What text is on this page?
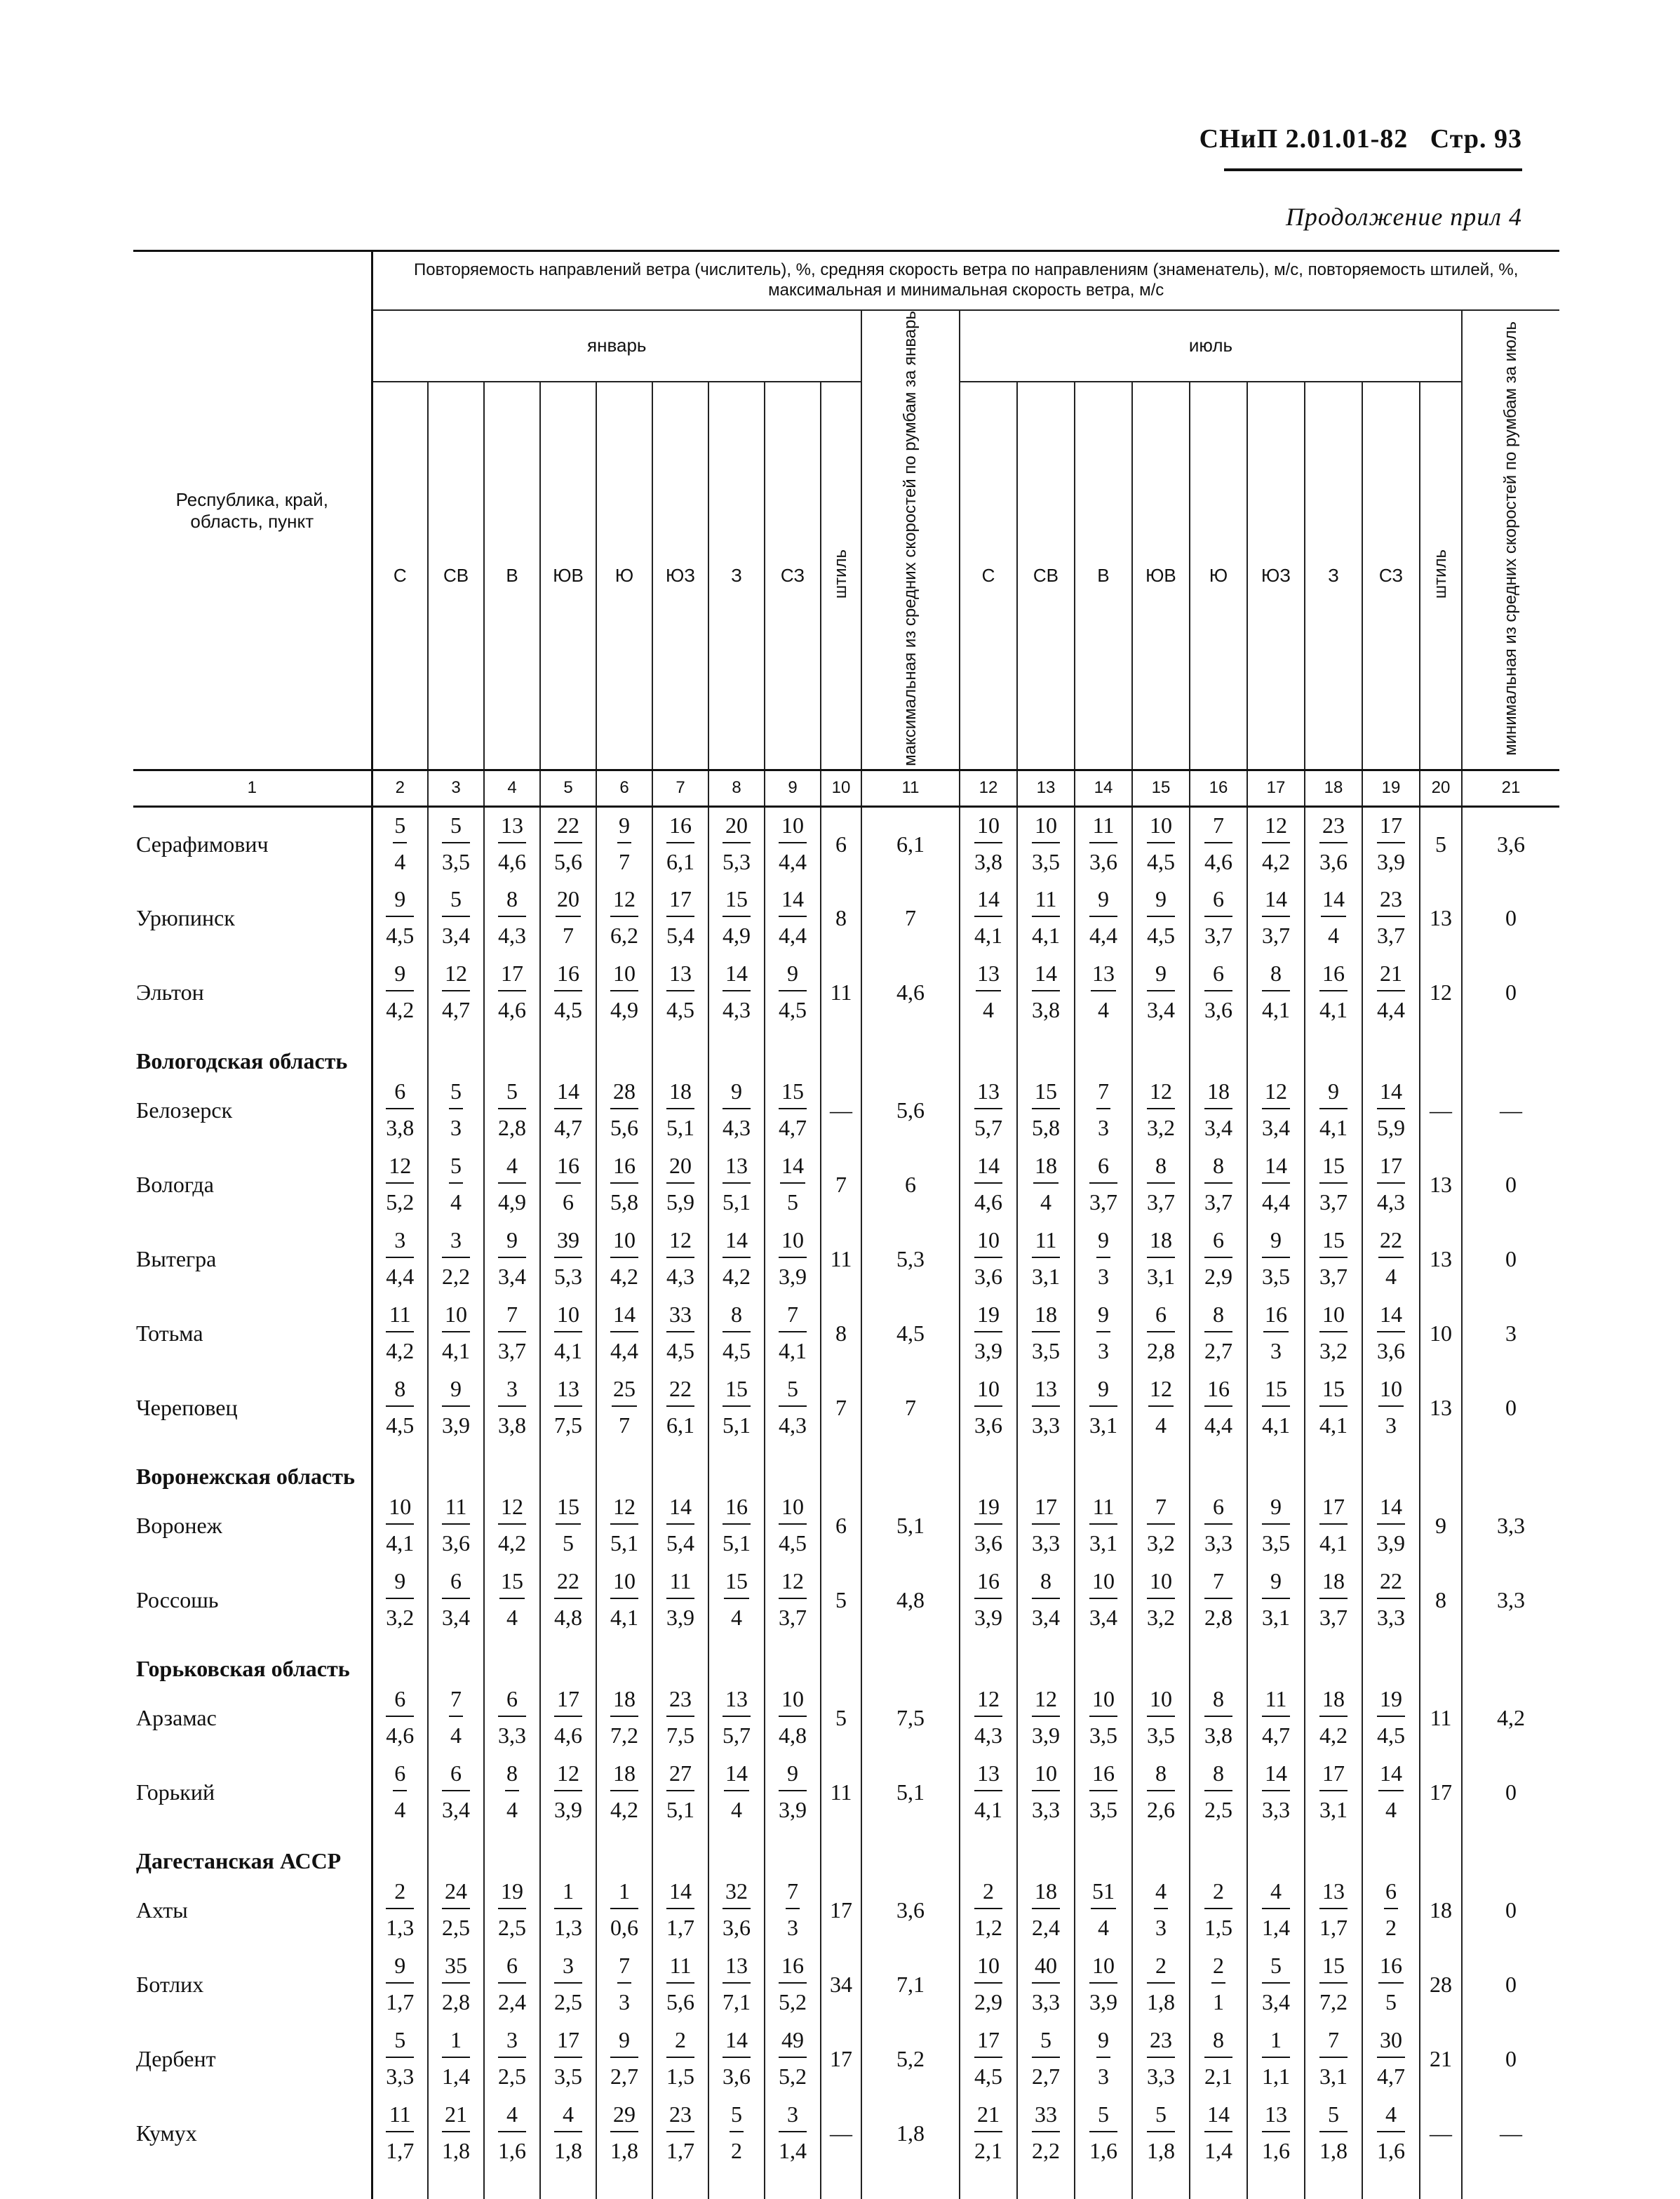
СНиП 2.01.01-82 Стр. 93
Продолжение прил 4
Республика, край, область, пункт	Повторяемость направлений ветра (числитель), %, средняя скорость ветра по направлениям (знаменатель), м/с, повторяемость штилей, %, максимальная и минимальная скорость ветра, м/с																			
	январь									максимальная из средних скоростей по румбам за январь	июль									минимальная из средних скоростей по румбам за июль
	С	СВ	В	ЮВ	Ю	ЮЗ	З	СЗ	штиль		С	СВ	В	ЮВ	Ю	ЮЗ	З	СЗ	штиль	
1	2	3	4	5	6	7	8	9	10	11	12	13	14	15	16	17	18	19	20	21
Серафимович	$\frac{5}{4}$	$\frac{5}{3,5}$	$\frac{13}{4,6}$	$\frac{22}{5,6}$	$\frac{9}{7}$	$\frac{16}{6,1}$	$\frac{20}{5,3}$	$\frac{10}{4,4}$	6	6,1	$\frac{10}{3,8}$	$\frac{10}{3,5}$	$\frac{11}{3,6}$	$\frac{10}{4,5}$	$\frac{7}{4,6}$	$\frac{12}{4,2}$	$\frac{23}{3,6}$	$\frac{17}{3,9}$	5	3,6
Урюпинск	$\frac{9}{4,5}$	$\frac{5}{3,4}$	$\frac{8}{4,3}$	$\frac{20}{7}$	$\frac{12}{6,2}$	$\frac{17}{5,4}$	$\frac{15}{4,9}$	$\frac{14}{4,4}$	8	7	$\frac{14}{4,1}$	$\frac{11}{4,1}$	$\frac{9}{4,4}$	$\frac{9}{4,5}$	$\frac{6}{3,7}$	$\frac{14}{3,7}$	$\frac{14}{4}$	$\frac{23}{3,7}$	13	0
Эльтон	$\frac{9}{4,2}$	$\frac{12}{4,7}$	$\frac{17}{4,6}$	$\frac{16}{4,5}$	$\frac{10}{4,9}$	$\frac{13}{4,5}$	$\frac{14}{4,3}$	$\frac{9}{4,5}$	11	4,6	$\frac{13}{4}$	$\frac{14}{3,8}$	$\frac{13}{4}$	$\frac{9}{3,4}$	$\frac{6}{3,6}$	$\frac{8}{4,1}$	$\frac{16}{4,1}$	$\frac{21}{4,4}$	12	0
Вологодская область																				
Белозерск	$\frac{6}{3,8}$	$\frac{5}{3}$	$\frac{5}{2,8}$	$\frac{14}{4,7}$	$\frac{28}{5,6}$	$\frac{18}{5,1}$	$\frac{9}{4,3}$	$\frac{15}{4,7}$	—	5,6	$\frac{13}{5,7}$	$\frac{15}{5,8}$	$\frac{7}{3}$	$\frac{12}{3,2}$	$\frac{18}{3,4}$	$\frac{12}{3,4}$	$\frac{9}{4,1}$	$\frac{14}{5,9}$	—	—
Вологда	$\frac{12}{5,2}$	$\frac{5}{4}$	$\frac{4}{4,9}$	$\frac{16}{6}$	$\frac{16}{5,8}$	$\frac{20}{5,9}$	$\frac{13}{5,1}$	$\frac{14}{5}$	7	6	$\frac{14}{4,6}$	$\frac{18}{4}$	$\frac{6}{3,7}$	$\frac{8}{3,7}$	$\frac{8}{3,7}$	$\frac{14}{4,4}$	$\frac{15}{3,7}$	$\frac{17}{4,3}$	13	0
Вытегра	$\frac{3}{4,4}$	$\frac{3}{2,2}$	$\frac{9}{3,4}$	$\frac{39}{5,3}$	$\frac{10}{4,2}$	$\frac{12}{4,3}$	$\frac{14}{4,2}$	$\frac{10}{3,9}$	11	5,3	$\frac{10}{3,6}$	$\frac{11}{3,1}$	$\frac{9}{3}$	$\frac{18}{3,1}$	$\frac{6}{2,9}$	$\frac{9}{3,5}$	$\frac{15}{3,7}$	$\frac{22}{4}$	13	0
Тотьма	$\frac{11}{4,2}$	$\frac{10}{4,1}$	$\frac{7}{3,7}$	$\frac{10}{4,1}$	$\frac{14}{4,4}$	$\frac{33}{4,5}$	$\frac{8}{4,5}$	$\frac{7}{4,1}$	8	4,5	$\frac{19}{3,9}$	$\frac{18}{3,5}$	$\frac{9}{3}$	$\frac{6}{2,8}$	$\frac{8}{2,7}$	$\frac{16}{3}$	$\frac{10}{3,2}$	$\frac{14}{3,6}$	10	3
Череповец	$\frac{8}{4,5}$	$\frac{9}{3,9}$	$\frac{3}{3,8}$	$\frac{13}{7,5}$	$\frac{25}{7}$	$\frac{22}{6,1}$	$\frac{15}{5,1}$	$\frac{5}{4,3}$	7	7	$\frac{10}{3,6}$	$\frac{13}{3,3}$	$\frac{9}{3,1}$	$\frac{12}{4}$	$\frac{16}{4,4}$	$\frac{15}{4,1}$	$\frac{15}{4,1}$	$\frac{10}{3}$	13	0
Воронежская область																				
Воронеж	$\frac{10}{4,1}$	$\frac{11}{3,6}$	$\frac{12}{4,2}$	$\frac{15}{5}$	$\frac{12}{5,1}$	$\frac{14}{5,4}$	$\frac{16}{5,1}$	$\frac{10}{4,5}$	6	5,1	$\frac{19}{3,6}$	$\frac{17}{3,3}$	$\frac{11}{3,1}$	$\frac{7}{3,2}$	$\frac{6}{3,3}$	$\frac{9}{3,5}$	$\frac{17}{4,1}$	$\frac{14}{3,9}$	9	3,3
Россошь	$\frac{9}{3,2}$	$\frac{6}{3,4}$	$\frac{15}{4}$	$\frac{22}{4,8}$	$\frac{10}{4,1}$	$\frac{11}{3,9}$	$\frac{15}{4}$	$\frac{12}{3,7}$	5	4,8	$\frac{16}{3,9}$	$\frac{8}{3,4}$	$\frac{10}{3,4}$	$\frac{10}{3,2}$	$\frac{7}{2,8}$	$\frac{9}{3,1}$	$\frac{18}{3,7}$	$\frac{22}{3,3}$	8	3,3
Горьковская область																				
Арзамас	$\frac{6}{4,6}$	$\frac{7}{4}$	$\frac{6}{3,3}$	$\frac{17}{4,6}$	$\frac{18}{7,2}$	$\frac{23}{7,5}$	$\frac{13}{5,7}$	$\frac{10}{4,8}$	5	7,5	$\frac{12}{4,3}$	$\frac{12}{3,9}$	$\frac{10}{3,5}$	$\frac{10}{3,5}$	$\frac{8}{3,8}$	$\frac{11}{4,7}$	$\frac{18}{4,2}$	$\frac{19}{4,5}$	11	4,2
Горький	$\frac{6}{4}$	$\frac{6}{3,4}$	$\frac{8}{4}$	$\frac{12}{3,9}$	$\frac{18}{4,2}$	$\frac{27}{5,1}$	$\frac{14}{4}$	$\frac{9}{3,9}$	11	5,1	$\frac{13}{4,1}$	$\frac{10}{3,3}$	$\frac{16}{3,5}$	$\frac{8}{2,6}$	$\frac{8}{2,5}$	$\frac{14}{3,3}$	$\frac{17}{3,1}$	$\frac{14}{4}$	17	0
Дагестанская АССР																				
Ахты	$\frac{2}{1,3}$	$\frac{24}{2,5}$	$\frac{19}{2,5}$	$\frac{1}{1,3}$	$\frac{1}{0,6}$	$\frac{14}{1,7}$	$\frac{32}{3,6}$	$\frac{7}{3}$	17	3,6	$\frac{2}{1,2}$	$\frac{18}{2,4}$	$\frac{51}{4}$	$\frac{4}{3}$	$\frac{2}{1,5}$	$\frac{4}{1,4}$	$\frac{13}{1,7}$	$\frac{6}{2}$	18	0
Ботлих	$\frac{9}{1,7}$	$\frac{35}{2,8}$	$\frac{6}{2,4}$	$\frac{3}{2,5}$	$\frac{7}{3}$	$\frac{11}{5,6}$	$\frac{13}{7,1}$	$\frac{16}{5,2}$	34	7,1	$\frac{10}{2,9}$	$\frac{40}{3,3}$	$\frac{10}{3,9}$	$\frac{2}{1,8}$	$\frac{2}{1}$	$\frac{5}{3,4}$	$\frac{15}{7,2}$	$\frac{16}{5}$	28	0
Дербент	$\frac{5}{3,3}$	$\frac{1}{1,4}$	$\frac{3}{2,5}$	$\frac{17}{3,5}$	$\frac{9}{2,7}$	$\frac{2}{1,5}$	$\frac{14}{3,6}$	$\frac{49}{5,2}$	17	5,2	$\frac{17}{4,5}$	$\frac{5}{2,7}$	$\frac{9}{3}$	$\frac{23}{3,3}$	$\frac{8}{2,1}$	$\frac{1}{1,1}$	$\frac{7}{3,1}$	$\frac{30}{4,7}$	21	0
Кумух	$\frac{11}{1,7}$	$\frac{21}{1,8}$	$\frac{4}{1,6}$	$\frac{4}{1,8}$	$\frac{29}{1,8}$	$\frac{23}{1,7}$	$\frac{5}{2}$	$\frac{3}{1,4}$	—	1,8	$\frac{21}{2,1}$	$\frac{33}{2,2}$	$\frac{5}{1,6}$	$\frac{5}{1,8}$	$\frac{14}{1,4}$	$\frac{13}{1,6}$	$\frac{5}{1,8}$	$\frac{4}{1,6}$	—	—
